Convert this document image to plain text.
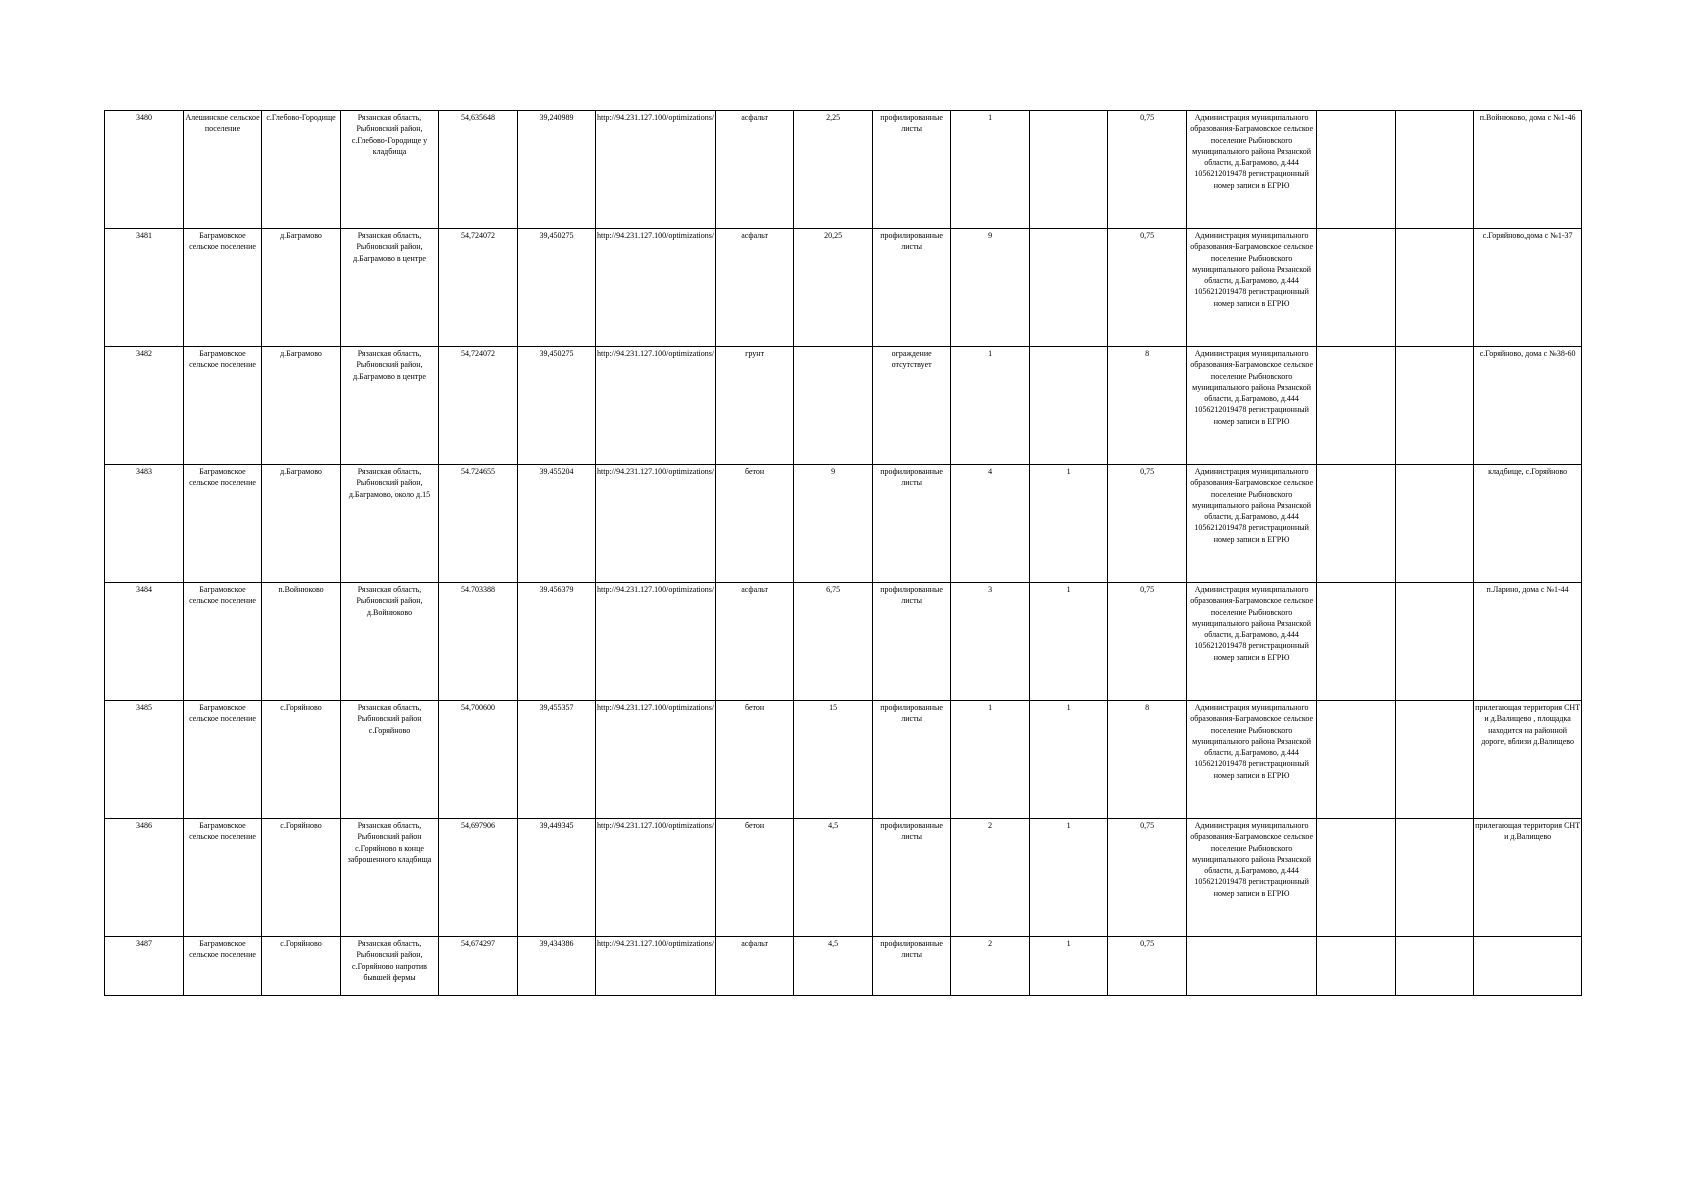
3480	Алешинское сельское поселение	с.Глебово-Городище	Рязанская область, Рыбновский район, с.Глебово-Городище у кладбища	54,635648	39,240989	http://94.231.127.100/optimizations/	асфальт	2,25	профилированные листы	1		0,75	Администрация муниципального образования-Баграмовское сельское поселение Рыбновского муниципального района Рязанской области, д.Баграмово, д.444 1056212019478 регистрационный номер записи в ЕГРЮ			п.Войнюково, дома с №1-46
3481	Баграмовское сельское поселение	д.Баграмово	Рязанская область, Рыбновский район, д.Баграмово в центре	54,724072	39,450275	http://94.231.127.100/optimizations/	асфальт	20,25	профилированные листы	9		0,75	Администрация муниципального образования-Баграмовское сельское поселение Рыбновского муниципального района Рязанской области, д.Баграмово, д.444 1056212019478 регистрационный номер записи в ЕГРЮ			с.Горяйново,дома с №1-37
3482	Баграмовское сельское поселение	д.Баграмово	Рязанская область, Рыбновский район, д.Баграмово в центре	54,724072	39,450275	http://94.231.127.100/optimizations/	грунт		ограждение отсутствует	1		8	Администрация муниципального образования-Баграмовское сельское поселение Рыбновского муниципального района Рязанской области, д.Баграмово, д.444 1056212019478 регистрационный номер записи в ЕГРЮ			с.Горяйново, дома с №38-60
3483	Баграмовское сельское поселение	д.Баграмово	Рязанская область, Рыбновский район, д.Баграмово, около д.15	54.724655	39.455204	http://94.231.127.100/optimizations/	бетон	9	профилированные листы	4	1	0,75	Администрация муниципального образования-Баграмовское сельское поселение Рыбновского муниципального района Рязанской области, д.Баграмово, д.444 1056212019478 регистрационный номер записи в ЕГРЮ			кладбище, с.Горяйново
3484	Баграмовское сельское поселение	п.Войнюково	Рязанская область, Рыбновский район, д.Войнюково	54.703388	39.456379	http://94.231.127.100/optimizations/	асфальт	6,75	профилированные листы	3	1	0,75	Администрация муниципального образования-Баграмовское сельское поселение Рыбновского муниципального района Рязанской области, д.Баграмово, д.444 1056212019478 регистрационный номер записи в ЕГРЮ			п.Ларино, дома с №1-44
3485	Баграмовское сельское поселение	с.Горяйново	Рязанская область, Рыбновский район с.Горяйново	54,700600	39,455357	http://94.231.127.100/optimizations/	бетон	15	профилированные листы	1	1	8	Администрация муниципального образования-Баграмовское сельское поселение Рыбновского муниципального района Рязанской области, д.Баграмово, д.444 1056212019478 регистрационный номер записи в ЕГРЮ			прилегающая территория СНТ и д.Валищево , площадка находится на районной дороге, вблизи д.Валищево
3486	Баграмовское сельское поселение	с.Горяйново	Рязанская область, Рыбновский район с.Горяйново в конце заброшенного кладбища	54,697906	39,449345	http://94.231.127.100/optimizations/	бетон	4,5	профилированные листы	2	1	0,75	Администрация муниципального образования-Баграмовское сельское поселение Рыбновского муниципального района Рязанской области, д.Баграмово, д.444 1056212019478 регистрационный номер записи в ЕГРЮ			прилегающая территория СНТ и д.Валищево
3487	Баграмовское сельское поселение	с.Горяйново	Рязанская область, Рыбновский район, с.Горяйново напротив бывшей фермы	54,674297	39,434386	http://94.231.127.100/optimizations/	асфальт	4,5	профилированные листы	2	1	0,75				
